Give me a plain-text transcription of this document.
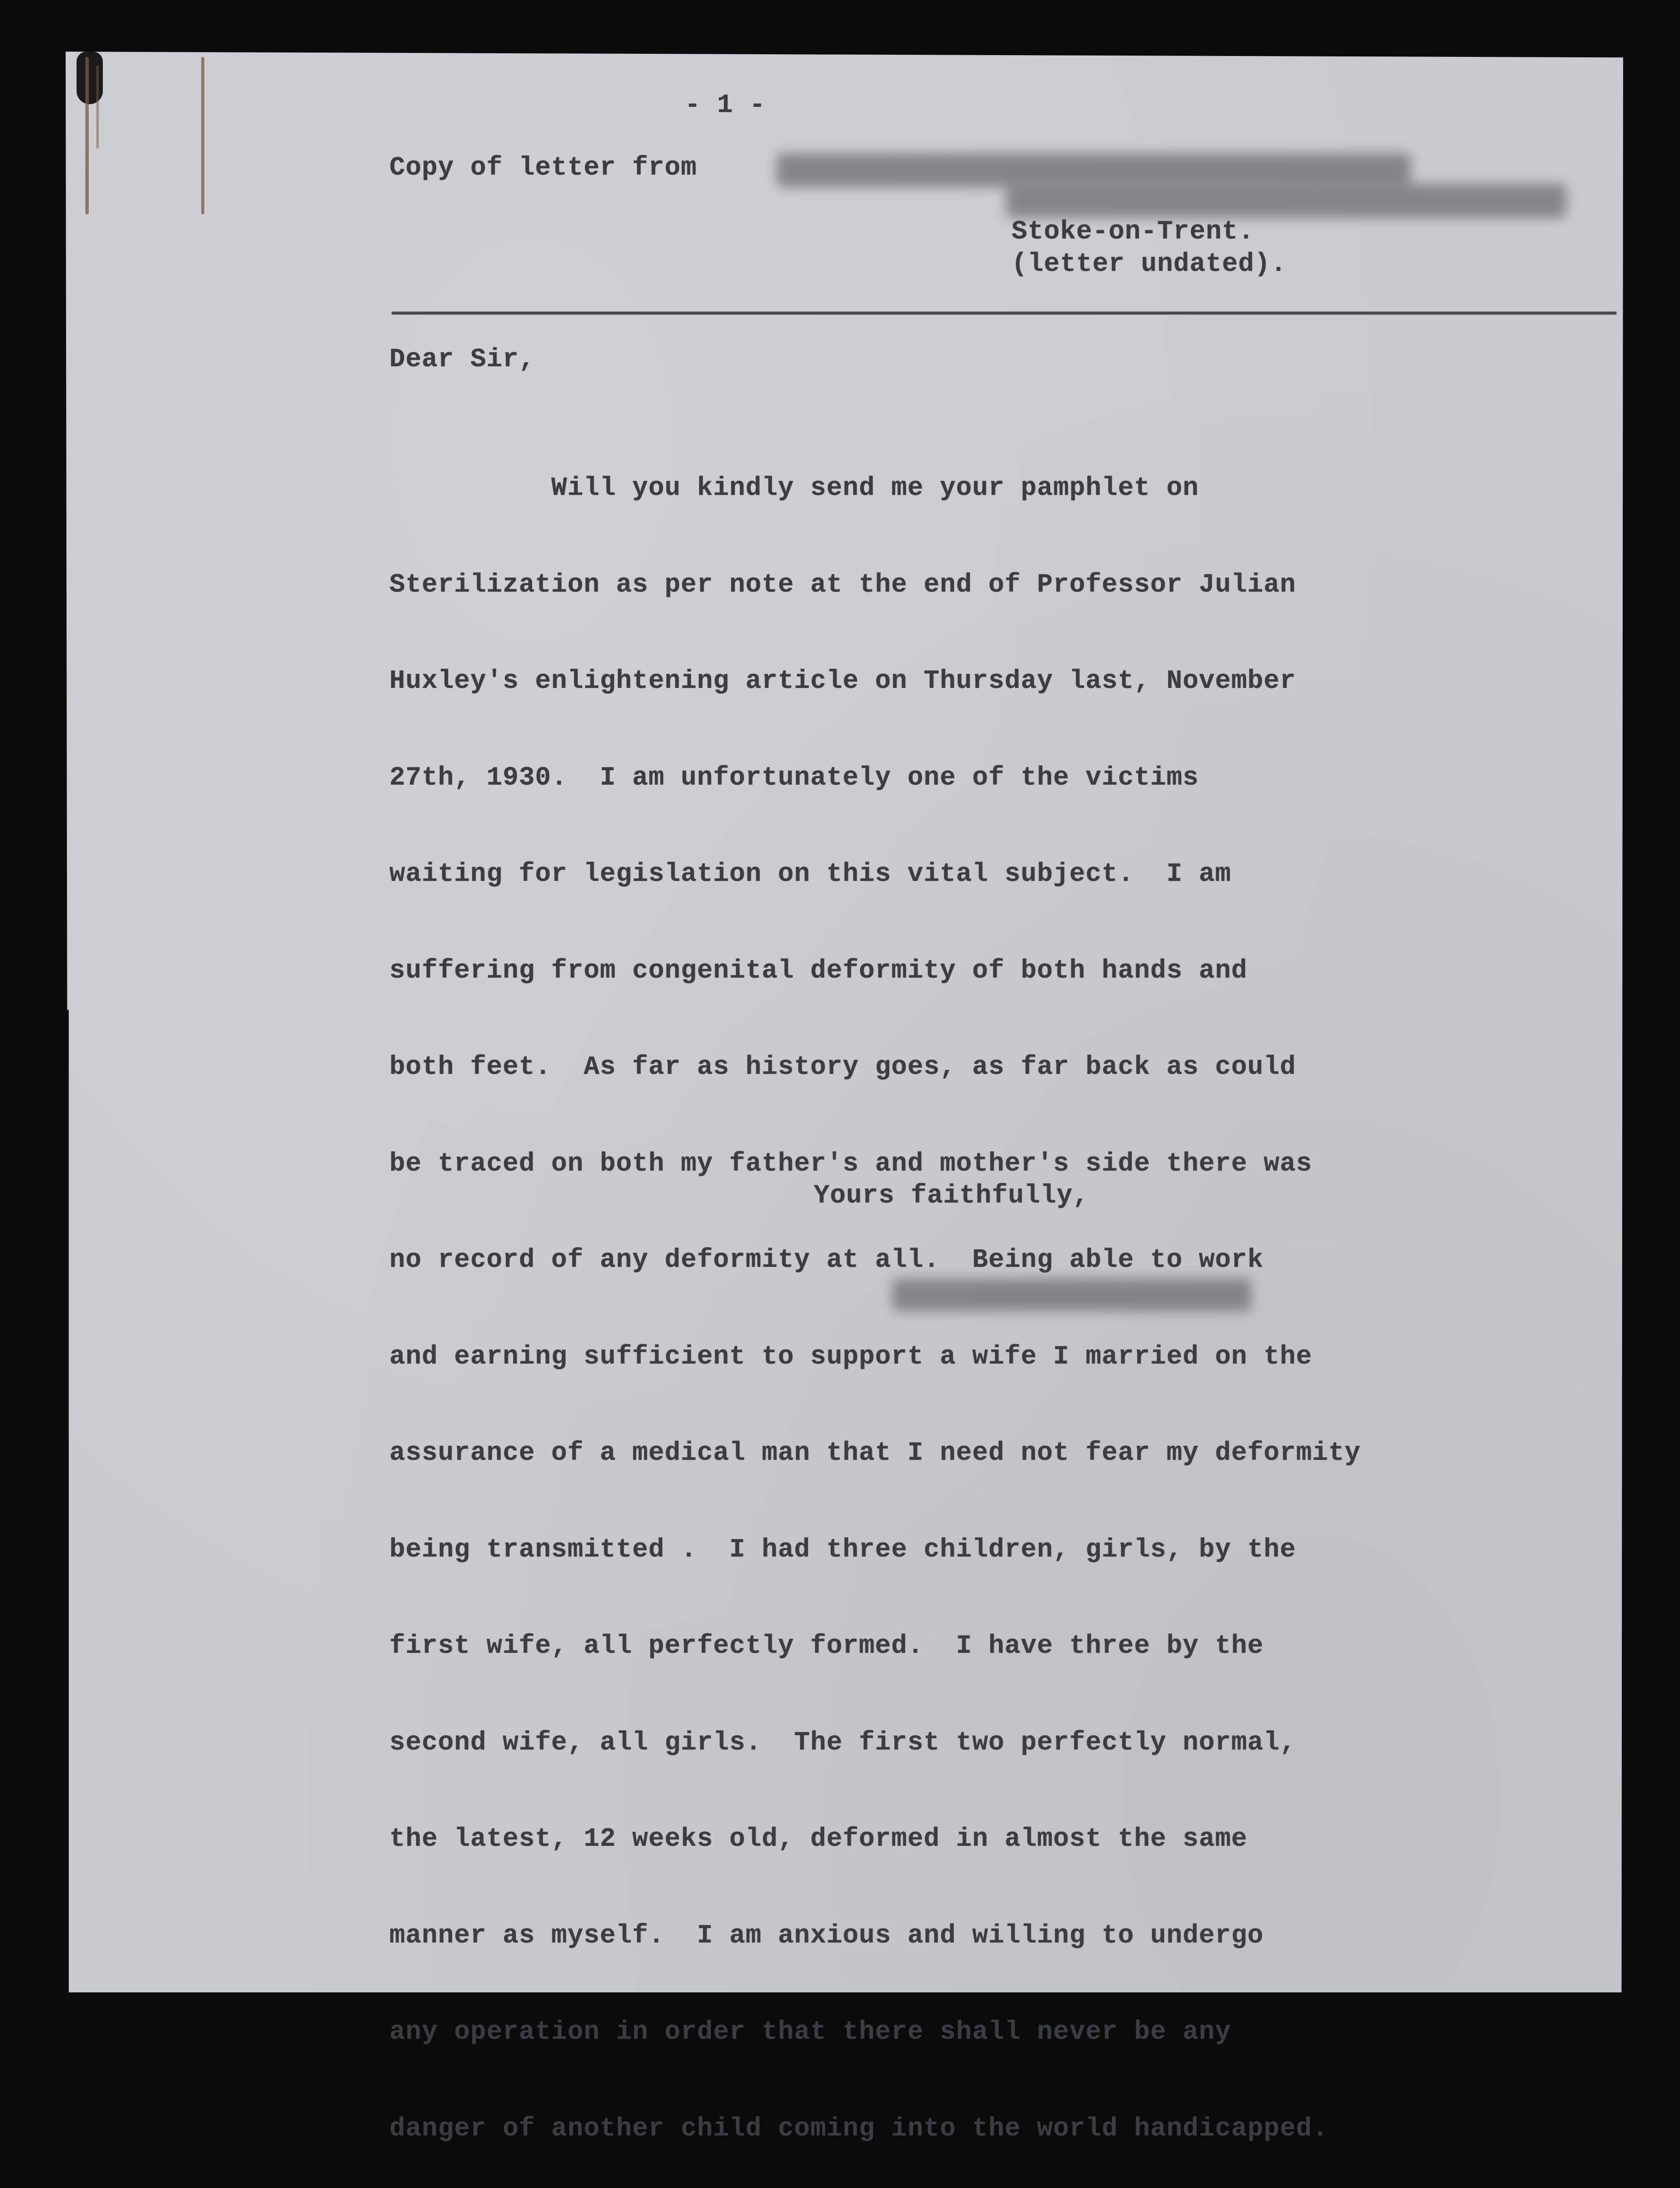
- 1 -
Copy of letter from
Stoke-on-Trent.
(letter undated).
Dear Sir,

Will you kindly send me your pamphlet on

Sterilization as per note at the end of Professor Julian

Huxley's enlightening article on Thursday last, November

27th, 1930.  I am unfortunately one of the victims

waiting for legislation on this vital subject.  I am

suffering from congenital deformity of both hands and

both feet.  As far as history goes, as far back as could

be traced on both my father's and mother's side there was

no record of any deformity at all.  Being able to work

and earning sufficient to support a wife I married on the

assurance of a medical man that I need not fear my deformity

being transmitted .  I had three children, girls, by the

first wife, all perfectly formed.  I have three by the

second wife, all girls.  The first two perfectly normal,

the latest, 12 weeks old, deformed in almost the same

manner as myself.  I am anxious and willing to undergo

any operation in order that there shall never be any

danger of another child coming into the world handicapped.

Yours faithfully,
